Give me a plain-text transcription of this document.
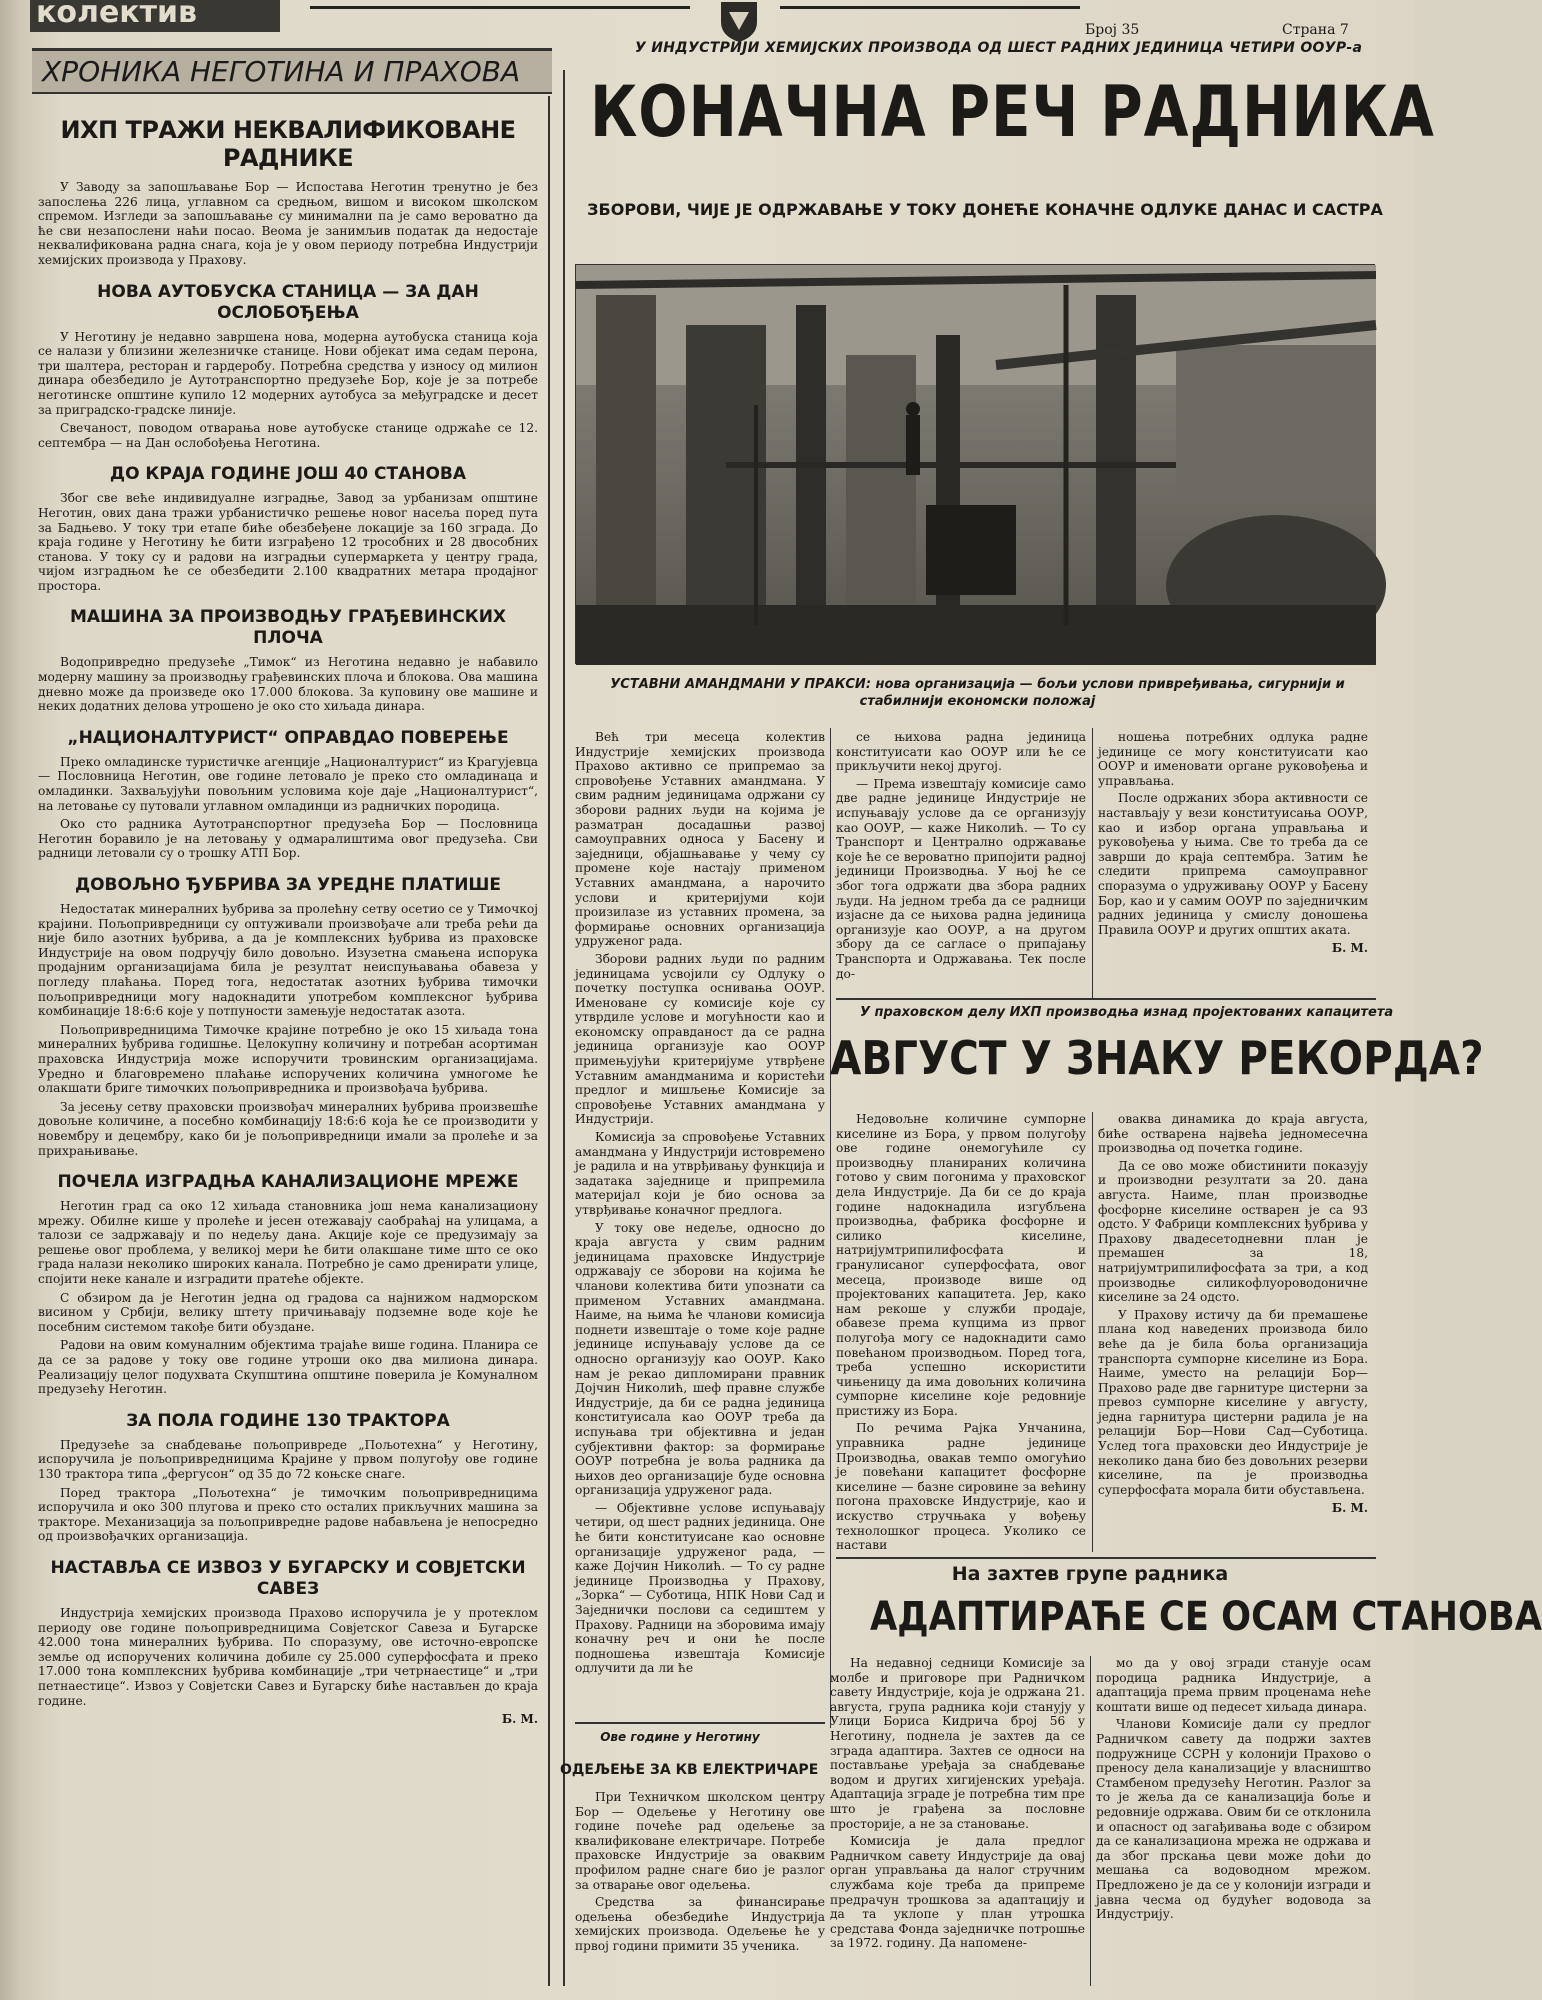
колектив	Број 35	Страна 7
ХРОНИКА НЕГОТИНА И ПРАХОВА
ИХП ТРАЖИ НЕКВАЛИФИКОВАНЕ РАДНИКЕ

У Заводу за запошљавање Бор — Испостава Неготин тренутно је без запослења 226 лица, углавном са средњом, вишом и високом школском спремом. Изгледи за запошљавање су минимални па је само вероватно да ће сви незапослени наћи посао. Веома је занимљив податак да недостаје неквалификована радна снага, која је у овом периоду потребна Индустрији хемијских производа у Прахову.

НОВА АУТОБУСКА СТАНИЦА — ЗА ДАН ОСЛОБОЂЕЊА

У Неготину је недавно завршена нова, модерна аутобуска станица која се налази у близини железничке станице. Нови објекат има седам перона, три шалтера, ресторан и гардеробу. Потребна средства у износу од милион динара обезбедило је Аутотранспортно предузеће Бор, које је за потребе неготинске општине купило 12 модерних аутобуса за међуградске и десет за приградско-градске линије.

Свечаност, поводом отварања нове аутобуске станице одржаће се 12. септембра — на Дан ослобођења Неготина.

ДО КРАЈА ГОДИНЕ ЈОШ 40 СТАНОВА

Због све веће индивидуалне изградње, Завод за урбанизам општине Неготин, ових дана тражи урбанистичко решење новог насеља поред пута за Бадњево. У току три етапе биће обезбеђене локације за 160 зграда. До краја године у Неготину ће бити изграђено 12 трособних и 28 двособних станова. У току су и радови на изградњи супермаркета у центру града, чијом изградњом ће се обезбедити 2.100 квадратних метара продајног простора.

МАШИНА ЗА ПРОИЗВОДЊУ ГРАЂЕВИНСКИХ ПЛОЧА

Водопривредно предузеће „Тимок“ из Неготина недавно је набавило модерну машину за производњу грађевинских плоча и блокова. Ова машина дневно може да произведе око 17.000 блокова. За куповину ове машине и неких додатних делова утрошено је око сто хиљада динара.

„НАЦИОНАЛТУРИСТ“ ОПРАВДАО ПОВЕРЕЊЕ

Преко омладинске туристичке агенције „Националтурист“ из Крагујевца — Пословница Неготин, ове године летовало је преко сто омладинаца и омладинки. Захваљујући повољним условима које даје „Националтурист“, на летовање су путовали углавном омладинци из радничких породица.

Око сто радника Аутотранспортног предузећа Бор — Пословница Неготин боравило је на летовању у одмаралиштима овог предузећа. Сви радници летовали су о трошку АТП Бор.

ДОВОЉНО ЂУБРИВА ЗА УРЕДНЕ ПЛАТИШЕ

Недостатак минералних ђубрива за пролећну сетву осетио се у Тимочкој крајини. Пољопривредници су оптуживали произвођаче али треба рећи да није било азотних ђубрива, а да је комплексних ђубрива из праховске Индустрије на овом подручју било довољно. Изузетна смањена испорука продајним организацијама била је резултат неиспуњавања обавеза у погледу плаћања. Поред тога, недостатак азотних ђубрива тимочки пољопривредници могу надокнадити употребом комплексног ђубрива комбинације 18:6:6 које у потпуности замењује недостатак азота.

Пољопривредницима Тимочке крајине потребно је око 15 хиљада тона минералних ђубрива годишње. Целокупну количину и потребан асортиман праховска Индустрија може испоручити тровинским организацијама. Уредно и благовремено плаћање испоручених количина умногоме ће олакшати бриге тимочких пољопривредника и произвођача ђубрива.

За јесењу сетву праховски произвођач минералних ђубрива произвешће довољне количине, а посебно комбинацију 18:6:6 која ће се производити у новембру и децембру, како би је пољопривредници имали за пролеће и за прихрањивање.

ПОЧЕЛА ИЗГРАДЊА КАНАЛИЗАЦИОНЕ МРЕЖЕ

Неготин град са око 12 хиљада становника још нема канализациону мрежу. Обилне кише у пролеће и јесен отежавају саобраћај на улицама, а талози се задржавају и по недељу дана. Акције које се предузимају за решење овог проблема, у великој мери ће бити олакшане тиме што се око града налази неколико широких канала. Потребно је само дренирати улице, спојити неке канале и изградити пратеће објекте.

С обзиром да је Неготин једна од градова са најнижом надморском висином у Србији, велику штету причињавају подземне воде које ће посебним системом такође бити обуздане.

Радови на овим комуналним објектима трајаће више година. Планира се да се за радове у току ове године утроши око два милиона динара. Реализацију целог подухвата Скупштина општине поверила је Комуналном предузећу Неготин.

ЗА ПОЛА ГОДИНЕ 130 ТРАКТОРА

Предузеће за снабдевање пољопривреде „Пољотехна“ у Неготину, испоручила је пољопривредницима Крајине у првом полугођу ове године 130 трактора типа „фергусон“ од 35 до 72 коњске снаге.

Поред трактора „Пољотехна“ је тимочким пољопривредницима испоручила и око 300 плугова и преко сто осталих прикључних машина за тракторе. Механизација за пољопривредне радове набављена је непосредно од произвођачких организација.

НАСТАВЉА СЕ ИЗВОЗ У БУГАРСКУ И СОВЈЕТСКИ САВЕЗ

Индустрија хемијских производа Прахово испоручила је у протеклом периоду ове године пољопривредницима Совјетског Савеза и Бугарске 42.000 тона минералних ђубрива. По споразуму, ове источно-европске земље од испоручених количина добиле су 25.000 суперфосфата и преко 17.000 тона комплексних ђубрива комбинације „три четрнаестице“ и „три петнаестице“. Извоз у Совјетски Савез и Бугарску биће настављен до краја године.

Б. М.
У ИНДУСТРИЈИ ХЕМИЈСКИХ ПРОИЗВОДА ОД ШЕСТ РАДНИХ ЈЕДИНИЦА ЧЕТИРИ ООУР-а
КОНАЧНА РЕЧ РАДНИКА
ЗБОРОВИ, ЧИЈЕ ЈЕ ОДРЖАВАЊЕ У ТОКУ ДОНЕЋЕ КОНАЧНЕ ОДЛУКЕ ДАНАС И САСТРА
УСТАВНИ АМАНДМАНИ У ПРАКСИ: нова организација — бољи услови привређивања, сигурнији и стабилнији економски положај

Већ три месеца колектив Индустрије хемијских производа Прахово активно се припремао за спровођење Уставних амандмана. У свим радним јединицама одржани су зборови радних људи на којима је разматран досадашњи развој самоуправних односа у Басену и заједници, објашњавање у чему су промене које настају применом Уставних амандмана, а нарочито услови и критеријуми који произилазе из уставних промена, за формирање основних организација удруженог рада.

Зборови радних људи по радним јединицама усвојили су Одлуку о почетку поступка оснивања ООУР. Именоване су комисије које су утврдиле услове и могућности као и економску оправданост да се радна јединица организује као ООУР примењујући критеријуме утврђене Уставним амандманима и користећи предлог и мишљење Комисије за спровођење Уставних амандмана у Индустрији.

Комисија за спровођење Уставних амандмана у Индустрији истовремено је радила и на утврђивању функција и задатака заједнице и припремила материјал који је био основа за утврђивање коначног предлога.

У току ове недеље, односно до краја августа у свим радним јединицама праховске Индустрије одржавају се зборови на којима ће чланови колектива бити упознати са применом Уставних амандмана. Наиме, на њима ће чланови комисија поднети извештаје о томе које радне јединице испуњавају услове да се односно организују као ООУР. Како нам је рекао дипломирани правник Дојчин Николић, шеф правне службе Индустрије, да би се радна јединица конституисала као ООУР треба да испуњава три објективна и један субјективни фактор: за формирање ООУР потребна је воља радника да њихов део организације буде основна организација удруженог рада.

— Објективне услове испуњавају четири, од шест радних јединица. Оне ће бити конституисане као основне организације удруженог рада, — каже Дојчин Николић. — То су радне јединице Производња у Прахову, „Зорка“ — Суботица, НПК Нови Сад и Заједнички послови са седиштем у Прахову. Радници на зборовима имају коначну реч и они ће после подношења извештаја Комисије одлучити да ли ће

се њихова радна јединица конституисати као ООУР или ће се прикључити некој другој.

— Према извештају комисије само две радне јединице Индустрије не испуњавају услове да се организују као ООУР, — каже Николић. — То су Транспорт и Централно одржавање које ће се вероватно припојити радној јединици Производња. У њој ће се због тога одржати два збора радних људи. На једном треба да се радници изјасне да се њихова радна јединица организује као ООУР, а на другом збору да се сагласе о припајању Транспорта и Одржавања. Тек после до-

ношења потребних одлука радне јединице се могу конституисати као ООУР и именовати органе руковођења и управљања.

После одржаних збора активности се настављају у вези конституисања ООУР, као и избор органа управљања и руковођења у њима. Све то треба да се заврши до краја септембра. Затим ће следити припрема самоуправног споразума о удруживању ООУР у Басену Бор, као и у самим ООУР по заједничким радних јединица у смислу доношења Правила ООУР и других општих аката.

Б. М.
У праховском делу ИХП производња изнад пројектованих капацитета
АВГУСТ У ЗНАКУ РЕКОРДА?

Недовољне количине сумпорне киселине из Бора, у првом полугођу ове године онемогућиле су производњу планираних количина готово у свим погонима у праховског дела Индустрије. Да би се до краја године надокнадила изгубљена производња, фабрика фосфорне и силико киселине, натријумтрипилифосфата и гранулисаног суперфосфата, овог месеца, производе више од пројектованих капацитета. Јер, како нам рекоше у служби продаје, обавезе према купцима из првог полугођа могу се надокнадити само повећаном производњом. Поред тога, треба успешно искористити чињеницу да има довољних количина сумпорне киселине које редовније пристижу из Бора.

По речима Рајка Унчанина, управника радне јединице Производња, овакав темпо омогућио је повећани капацитет фосфорне киселине — базне сировине за већину погона праховске Индустрије, као и искуство стручњака у вођењу технолошког процеса. Уколико се настави

оваква динамика до краја августа, биће остварена највећа једномесечна производња од почетка године.

Да се ово може обистинити показују и производни резултати за 20. дана августа. Наиме, план производње фосфорне киселине остварен је са 93 одсто. У Фабрици комплексних ђубрива у Прахову двадесетодневни план је премашен за 18, натријумтрипилифосфата за три, а код производње силикофлуороводоничне киселине за 24 одсто.

У Прахову истичу да би премашење плана код наведених производа било веће да је била боља организација транспорта сумпорне киселине из Бора. Наиме, уместо на релацији Бор—Прахово раде две гарнитуре цистерни за превоз сумпорне киселине у августу, једна гарнитура цистерни радила је на релацији Бор—Нови Сад—Суботица. Услед тога праховски део Индустрије је неколико дана био без довољних резерви киселине, па је производња суперфосфата морала бити обустављена.

Б. М.
На захтев групе радника
АДАПТИРАЋЕ СЕ ОСАМ СТАНОВА

На недавној седници Комисије за молбе и приговоре при Радничком савету Индустрије, која је одржана 21. августа, група радника који станују у Улици Бориса Кидрича број 56 у Неготину, поднела је захтев да се зграда адаптира. Захтев се односи на постављање уређаја за снабдевање водом и других хигијенских уређаја. Адаптација зграде је потребна тим пре што је грађена за пословне просторије, а не за становање.

Комисија је дала предлог Радничком савету Индустрије да овај орган управљања да налог стручним службама које треба да припреме предрачун трошкова за адаптацију и да та уклопе у план утрошка средстава Фонда заједничке потрошње за 1972. годину. Да напомене-

мо да у овој згради станује осам породица радника Индустрије, а адаптација према првим проценама неће коштати више од педесет хиљада динара.

Чланови Комисије дали су предлог Радничком савету да подржи захтев подружнице ССРН у колонији Прахово о преносу дела канализације у власништво Стамбеном предузећу Неготин. Разлог за то је жеља да се канализација боље и редовније одржава. Овим би се отклонила и опасност од загађивања воде с обзиром да се канализациона мрежа не одржава и да због прскања цеви може доћи до мешања са водоводном мрежом. Предложено је да се у колонији изгради и јавна чесма од будућег водовода за Индустрију.

Ове године у Неготину
ОДЕЉЕЊЕ ЗА КВ ЕЛЕКТРИЧАРЕ

При Техничком школском центру Бор — Одељење у Неготину ове године почеће рад одељење за квалификоване електричаре. Потребе праховске Индустрије за оваквим профилом радне снаге био је разлог за отварање овог одељења.

Средства за финансирање одељења обезбедиће Индустрија хемијских производа. Одељење ће у првој години примити 35 ученика.
